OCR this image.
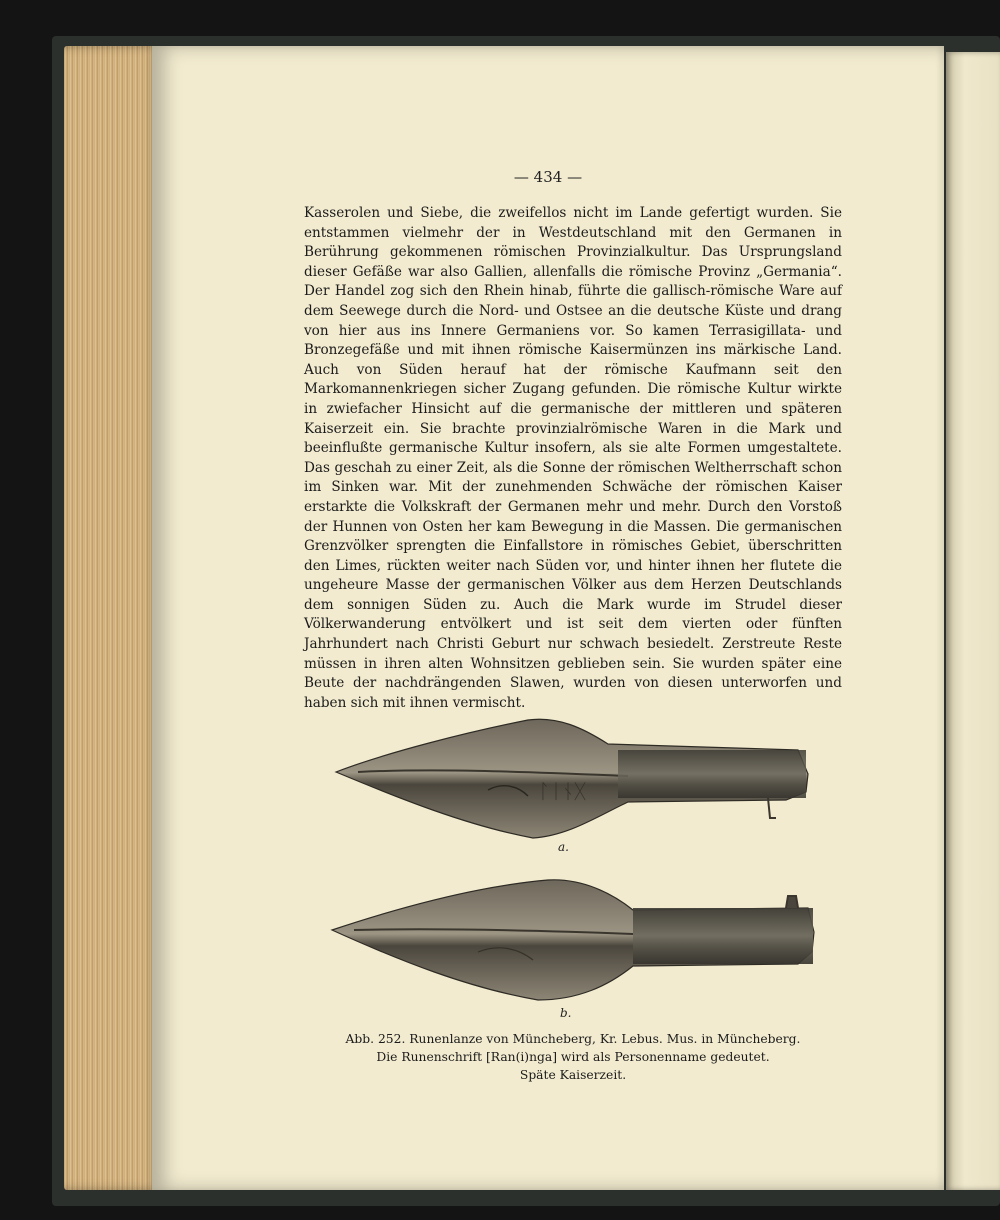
— 434 —

Kasserolen und Siebe, die zweifellos nicht im Lande gefertigt wurden. Sie entstammen vielmehr der in Westdeutschland mit den Germanen in Berührung gekommenen römischen Provinzialkultur. Das Ursprungsland dieser Gefäße war also Gallien, allenfalls die römische Provinz „Germania“. Der Handel zog sich den Rhein hinab, führte die gallisch-römische Ware auf dem Seewege durch die Nord- und Ostsee an die deutsche Küste und drang von hier aus ins Innere Germaniens vor. So kamen Terrasigillata- und Bronzegefäße und mit ihnen römische Kaisermünzen ins märkische Land. Auch von Süden herauf hat der römische Kaufmann seit den Markomannenkriegen sicher Zugang gefunden. Die römische Kultur wirkte in zwiefacher Hinsicht auf die germanische der mittleren und späteren Kaiserzeit ein. Sie brachte provinzialrömische Waren in die Mark und beeinflußte germanische Kultur insofern, als sie alte Formen umgestaltete. Das geschah zu einer Zeit, als die Sonne der römischen Weltherrschaft schon im Sinken war. Mit der zunehmenden Schwäche der römischen Kaiser erstarkte die Volkskraft der Germanen mehr und mehr. Durch den Vorstoß der Hunnen von Osten her kam Bewegung in die Massen. Die germanischen Grenzvölker sprengten die Einfallstore in römisches Gebiet, überschritten den Limes, rückten weiter nach Süden vor, und hinter ihnen her flutete die ungeheure Masse der germanischen Völker aus dem Herzen Deutschlands dem sonnigen Süden zu. Auch die Mark wurde im Strudel dieser Völkerwanderung entvölkert und ist seit dem vierten oder fünften Jahrhundert nach Christi Geburt nur schwach besiedelt. Zerstreute Reste müssen in ihren alten Wohnsitzen geblieben sein. Sie wurden später eine Beute der nachdrängenden Slawen, wurden von diesen unterworfen und haben sich mit ihnen vermischt.

ᛚᛁᚾᚷ
a.
b.
Abb. 252. Runenlanze von Müncheberg, Kr. Lebus. Mus. in Müncheberg.
Die Runenschrift [Ran(i)nga] wird als Personenname gedeutet.
Späte Kaiserzeit.
